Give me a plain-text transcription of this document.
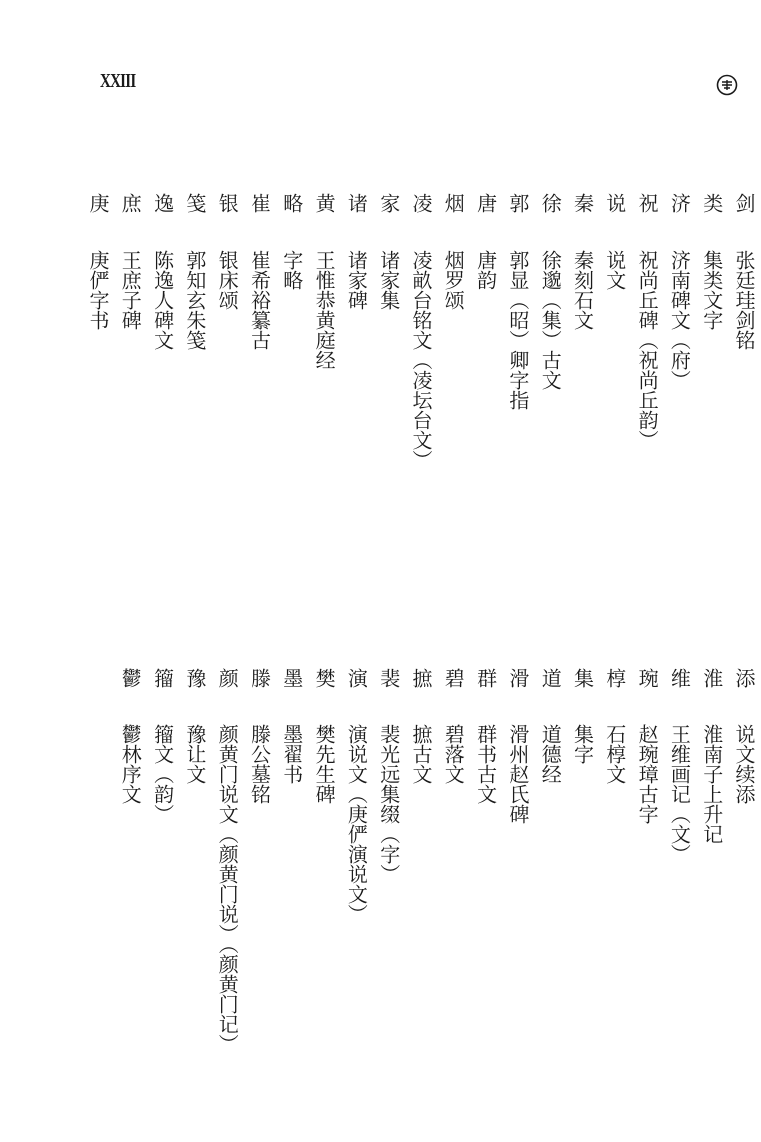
XXIII
剑
张廷珪剑铭
类
集类文字
济
济南碑文（府）
祝
祝尚丘碑（祝尚丘韵）
说
说文
秦
秦刻石文
徐
徐邈（集）古文
郭
郭显（昭）卿字指
唐
唐韵
烟
烟罗颂
凌
凌畝台铭文（凌坛台文）
家
诸家集
诸
诸家碑
黄
王惟恭黄庭经
略
字略
崔
崔希裕纂古
银
银床颂
笺
郭知玄朱笺
逸
陈逸人碑文
庶
王庶子碑
庚
庚俨字书
添
说文续添
淮
淮南子上升记
维
王维画记（文）
琬
赵琬璋古字
椁
石椁文
集
集字
道
道德经
滑
滑州赵氏碑
群
群书古文
碧
碧落文
摭
摭古文
裴
裴光远集缀（字）
演
演说文（庚俨演说文）
樊
樊先生碑
墨
墨翟书
滕
滕公墓铭
颜
颜黄门说文（颜黄门说）（颜黄门记）
豫
豫让文
籀
籀文（韵）
鬱
鬱林序文
